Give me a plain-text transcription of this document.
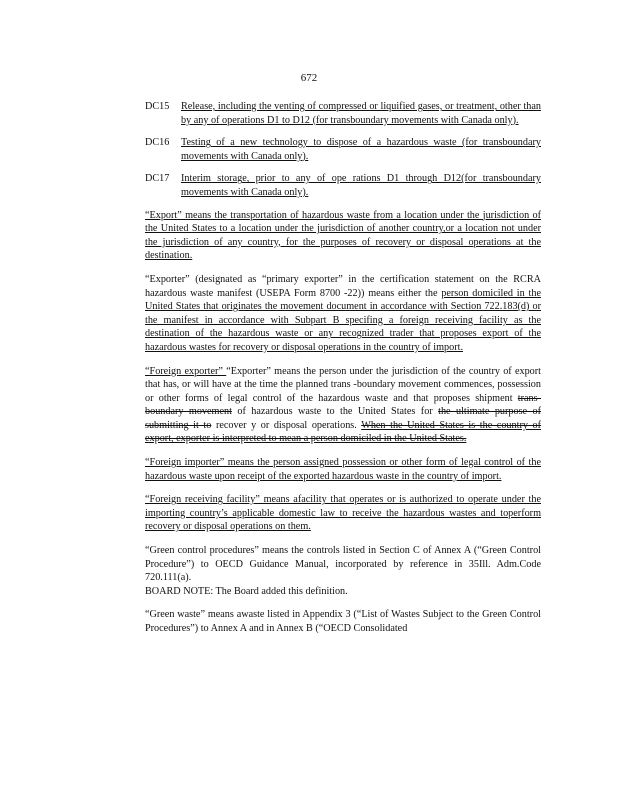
672
DC15	Release, including the venting of compressed or liquified gases, or treatment, other than by any of operations D1 to D12 (for transboundary movements with Canada only).
DC16	Testing of a new technology to dispose of a hazardous waste (for transboundary movements with Canada only).
DC17	Interim storage, prior to any of ope rations D1 through D12(for transboundary movements with Canada only).

“Export” means the transportation of hazardous waste from a location under the jurisdiction of the United States to a location under the jurisdiction of another country,or a location not under the jurisdiction of any country, for the purposes of recovery or disposal operations at the destination.

“Exporter” (designated as “primary exporter” in the certification statement on the RCRA hazardous waste manifest (USEPA Form 8700 -22)) means either the person domiciled in the United States that originates the movement document in accordance with Section 722.183(d) or the manifest in accordance with Subpart B specifing a foreign receiving facility as the destination of the hazardous waste or any recognized trader that proposes export of the hazardous wastes for recovery or disposal operations in the country of import.

“Foreign exporter” “Exporter” means the person under the jurisdiction of the country of export that has, or will have at the time the planned trans -boundary movement commences, possession or other forms of legal control of the hazardous waste and that proposes shipment trans-boundary movement of hazardous waste to the United States for the ultimate purpose of submitting it to recover y or disposal operations. When the United States is the country of export, exporter is interpreted to mean a person domiciled in the United States.

“Foreign importer” means the person assigned possession or other form of legal control of the hazardous waste upon receipt of the exported hazardous waste in the country of import.

“Foreign receiving facility” means afacility that operates or is authorized to operate under the importing country’s applicable domestic law to receive the hazardous wastes and toperform recovery or disposal operations on them.

“Green control procedures” means the controls listed in Section C of Annex A (“Green Control Procedure”) to OECD Guidance Manual, incorporated by reference in 35Ill. Adm.Code 720.111(a).

BOARD NOTE: The Board added this definition.

“Green waste” means awaste listed in Appendix 3 (“List of Wastes Subject to the Green Control Procedures”) to Annex A and in Annex B (“OECD Consolidated
